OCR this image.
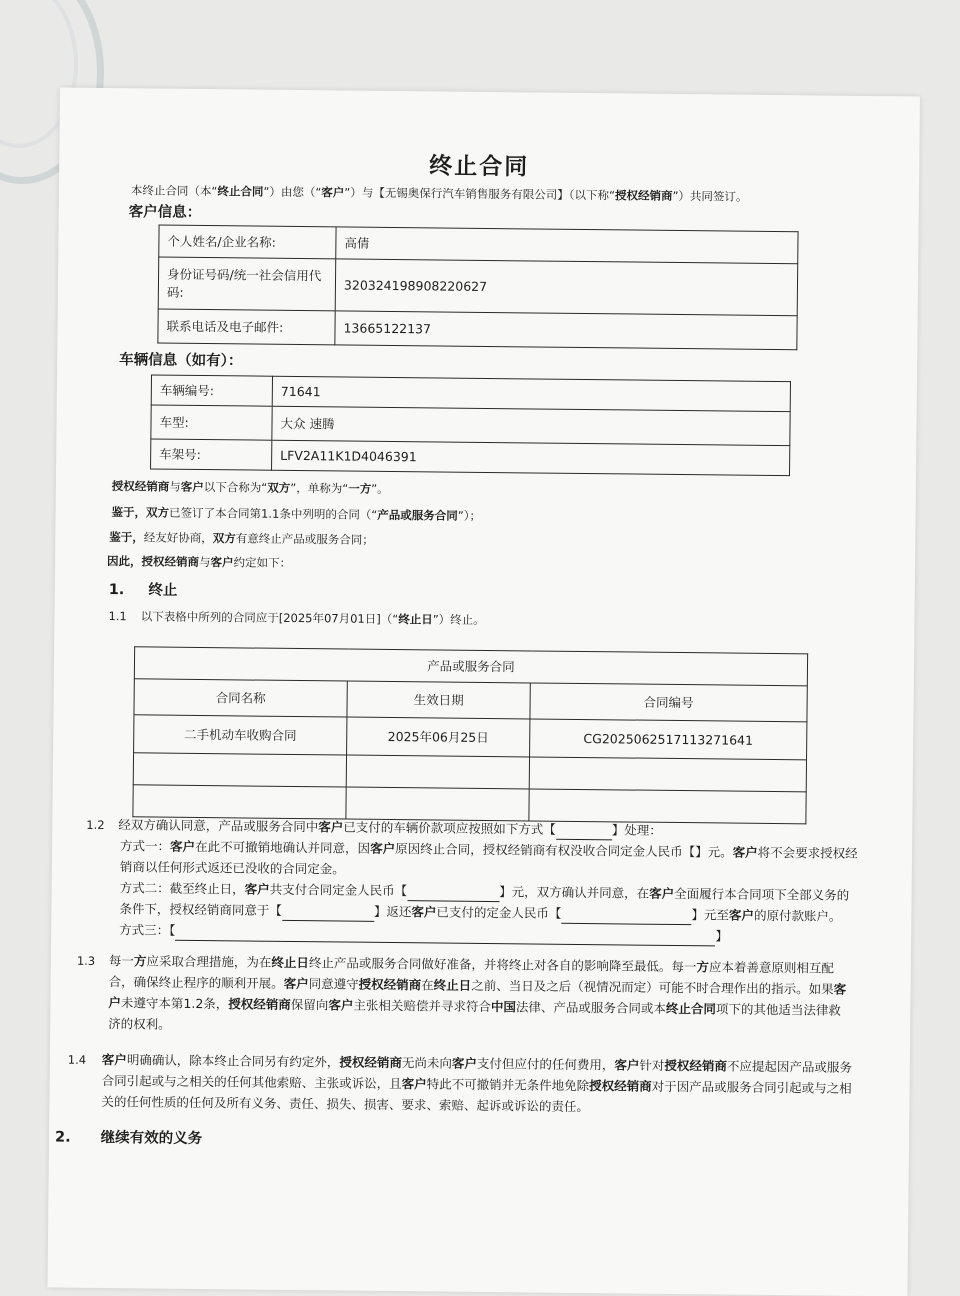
终止合同

本终止合同（本“终止合同”）由您（“客户”）与【无锡奥保行汽车销售服务有限公司】（以下称“授权经销商”）共同签订。

客户信息：

个人姓名/企业名称:	高倩
身份证号码/统一社会信用代码:	320324198908220627
联系电话及电子邮件:	13665122137

车辆信息（如有）：

车辆编号:	71641
车型:	大众 速腾
车架号:	LFV2A11K1D4046391

授权经销商与客户以下合称为“双方”，单称为“一方”。

鉴于，双方已签订了本合同第1.1条中列明的合同（“产品或服务合同”）；

鉴于，经友好协商，双方有意终止产品或服务合同；

因此，授权经销商与客户约定如下：

1. 终止

1.1 以下表格中所列的合同应于[2025年07月01日]（“终止日”）终止。

产品或服务合同		
合同名称	生效日期	合同编号
二手机动车收购合同	2025年06月25日	CG2025062517113271641

1.2 经双方确认同意，产品或服务合同中客户已支付的车辆价款项应按照如下方式【	】处理：
方式一：客户在此不可撤销地确认并同意，因客户原因终止合同，授权经销商有权没收合同定金人民币【】元。客户将不会要求授权经销商以任何形式返还已没收的合同定金。
方式二：截至终止日，客户共支付合同定金人民币【	】元，双方确认并同意，在客户全面履行本合同项下全部义务的条件下，授权经销商同意于【	】返还客户已支付的定金人民币【	】元至客户的原付款账户。
方式三：【	】

1.3 每一方应采取合理措施，为在终止日终止产品或服务合同做好准备，并将终止对各自的影响降至最低。每一方应本着善意原则相互配合，确保终止程序的顺利开展。客户同意遵守授权经销商在终止日之前、当日及之后（视情况而定）可能不时合理作出的指示。如果客户未遵守本第1.2条，授权经销商保留向客户主张相关赔偿并寻求符合中国法律、产品或服务合同或本终止合同项下的其他适当法律救济的权利。

1.4 客户明确确认，除本终止合同另有约定外，授权经销商无尚未向客户支付但应付的任何费用，客户针对授权经销商不应提起因产品或服务合同引起或与之相关的任何其他索赔、主张或诉讼，且客户特此不可撤销并无条件地免除授权经销商对于因产品或服务合同引起或与之相关的任何性质的任何及所有义务、责任、损失、损害、要求、索赔、起诉或诉讼的责任。

2. 继续有效的义务
